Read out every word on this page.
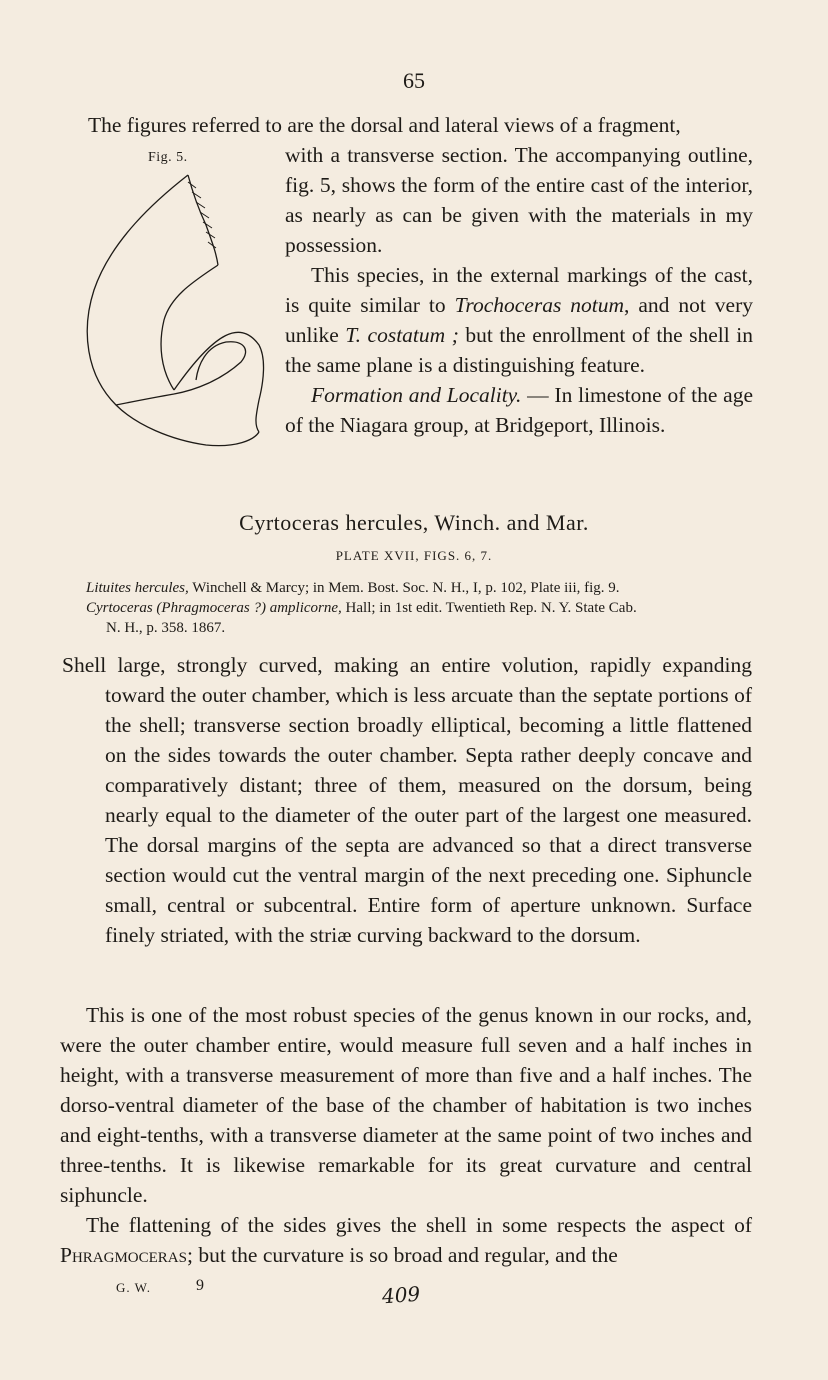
65
The figures referred to are the dorsal and lateral views of a fragment,
Fig. 5.	with a transverse section. The accompanying outline, fig. 5, shows the form of the entire cast of the interior, as nearly as can be given with the materials in my possession.

This species, in the external markings of the cast, is quite similar to Trochoceras notum, and not very unlike T. costatum ; but the enrollment of the shell in the same plane is a distinguishing feature.

Formation and Locality. — In limestone of the age of the Niagara group, at Bridgeport, Illinois.

Cyrtoceras hercules, Winch. and Mar.
PLATE XVII, FIGS. 6, 7.
Lituites hercules, Winchell & Marcy; in Mem. Bost. Soc. N. H., I, p. 102, Plate iii, fig. 9.
Cyrtoceras (Phragmoceras ?) amplicorne, Hall; in 1st edit. Twentieth Rep. N. Y. State Cab.
N. H., p. 358. 1867.

Shell large, strongly curved, making an entire volution, rapidly expanding toward the outer chamber, which is less arcuate than the septate portions of the shell; transverse section broadly elliptical, becoming a little flattened on the sides towards the outer chamber. Septa rather deeply concave and comparatively distant; three of them, measured on the dorsum, being nearly equal to the diameter of the outer part of the largest one measured. The dorsal margins of the septa are advanced so that a direct transverse section would cut the ventral margin of the next preceding one. Siphuncle small, central or subcentral. Entire form of aperture unknown. Surface finely striated, with the striæ curving backward to the dorsum.

This is one of the most robust species of the genus known in our rocks, and, were the outer chamber entire, would measure full seven and a half inches in height, with a transverse measurement of more than five and a half inches. The dorso-ventral diameter of the base of the chamber of habitation is two inches and eight-tenths, with a transverse diameter at the same point of two inches and three-tenths. It is likewise remarkable for its great curvature and central siphuncle.

The flattening of the sides gives the shell in some respects the aspect of Phragmoceras; but the curvature is so broad and regular, and the

G. W.	9	409
